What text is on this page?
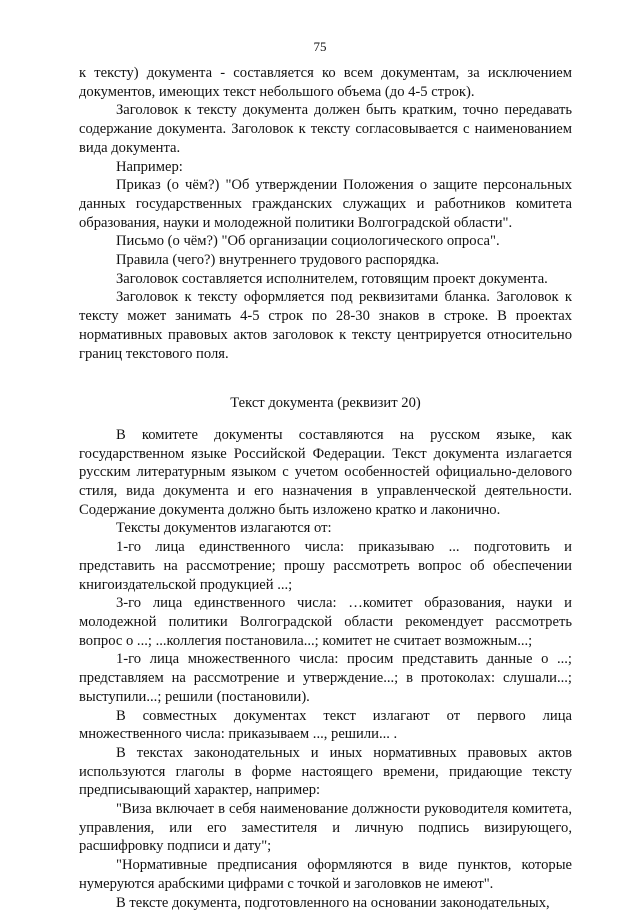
75

к тексту) документа - составляется ко всем документам, за исключением документов, имеющих текст небольшого объема (до 4-5 строк).

Заголовок к тексту документа должен быть кратким, точно передавать содержание документа. Заголовок к тексту согласовывается с наименованием вида документа.

Например:

Приказ (о чём?) "Об утверждении Положения о защите персональных данных государственных гражданских служащих и работников комитета образования, науки и молодежной политики Волгоградской области".

Письмо (о чём?) "Об организации социологического опроса".

Правила (чего?) внутреннего трудового распорядка.

Заголовок составляется исполнителем, готовящим проект документа.

Заголовок к тексту оформляется под реквизитами бланка. Заголовок к тексту может занимать 4-5 строк по 28-30 знаков в строке. В проектах нормативных правовых актов заголовок к тексту центрируется относительно границ текстового поля.

Текст документа (реквизит 20)

В комитете документы составляются на русском языке, как государственном языке Российской Федерации. Текст документа излагается русским литературным языком с учетом особенностей официально-делового стиля, вида документа и его назначения в управленческой деятельности. Содержание документа должно быть изложено кратко и лаконично.

Тексты документов излагаются от:

1-го лица единственного числа: приказываю ... подготовить и представить на рассмотрение; прошу рассмотреть вопрос об обеспечении книгоиздательской продукцией ...;

3-го лица единственного числа: …комитет образования, науки и молодежной политики Волгоградской области рекомендует рассмотреть вопрос о ...; ...коллегия постановила...; комитет не считает возможным...;

1-го лица множественного числа: просим представить данные о ...; представляем на рассмотрение и утверждение...; в протоколах: слушали...; выступили...; решили (постановили).

В совместных документах текст излагают от первого лица множественного числа: приказываем ..., решили... .

В текстах законодательных и иных нормативных правовых актов используются глаголы в форме настоящего времени, придающие тексту предписывающий характер, например:

"Виза включает в себя наименование должности руководителя комитета, управления, или его заместителя и личную подпись визирующего, расшифровку подписи и дату";

"Нормативные предписания оформляются в виде пунктов, которые нумеруются арабскими цифрами с точкой и заголовков не имеют".

В тексте документа, подготовленного на основании законодательных,
